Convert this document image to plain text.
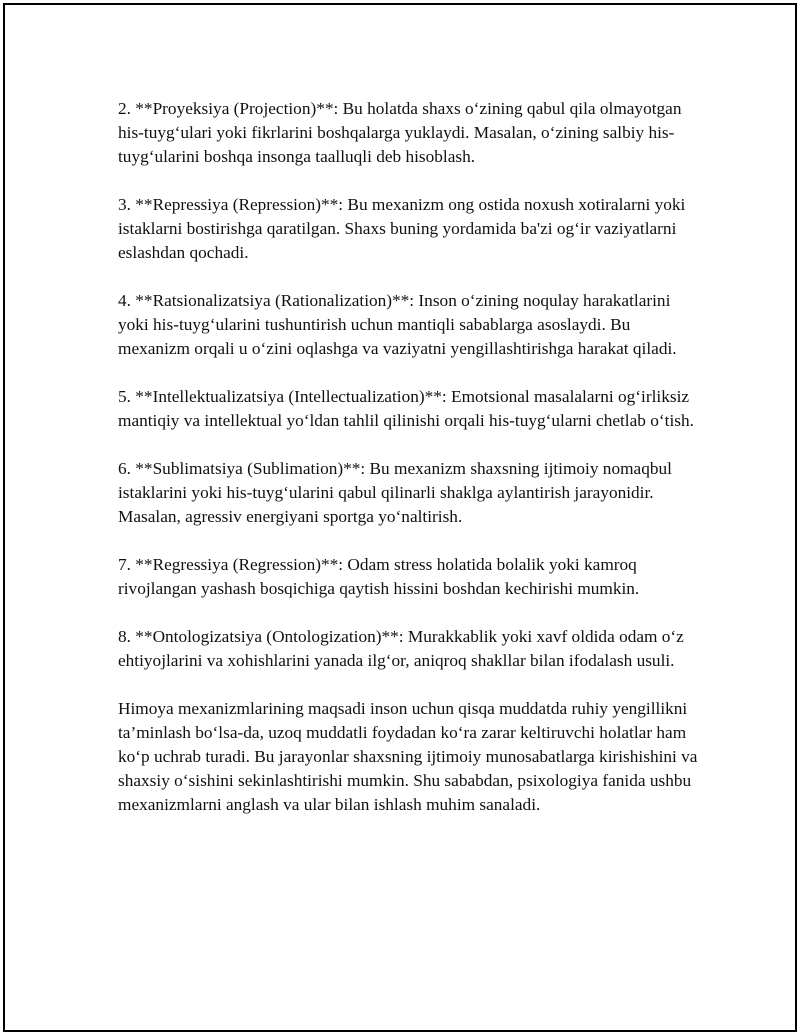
2. **Proyeksiya (Projection)**: Bu holatda shaxs o‘zining qabul qila olmayotgan his-tuyg‘ulari yoki fikrlarini boshqalarga yuklaydi. Masalan, o‘zining salbiy his-tuyg‘ularini boshqa insonga taalluqli deb hisoblash.

3. **Repressiya (Repression)**: Bu mexanizm ong ostida noxush xotiralarni yoki istaklarni bostirishga qaratilgan. Shaxs buning yordamida ba'zi og‘ir vaziyatlarni eslashdan qochadi.

4. **Ratsionalizatsiya (Rationalization)**: Inson o‘zining noqulay harakatlarini yoki his-tuyg‘ularini tushuntirish uchun mantiqli sabablarga asoslaydi. Bu mexanizm orqali u o‘zini oqlashga va vaziyatni yengillashtirishga harakat qiladi.

5. **Intellektualizatsiya (Intellectualization)**: Emotsional masalalarni og‘irliksiz mantiqiy va intellektual yo‘ldan tahlil qilinishi orqali his-tuyg‘ularni chetlab o‘tish.

6. **Sublimatsiya (Sublimation)**: Bu mexanizm shaxsning ijtimoiy nomaqbul istaklarini yoki his-tuyg‘ularini qabul qilinarli shaklga aylantirish jarayonidir. Masalan, agressiv energiyani sportga yo‘naltirish.

7. **Regressiya (Regression)**: Odam stress holatida bolalik yoki kamroq rivojlangan yashash bosqichiga qaytish hissini boshdan kechirishi mumkin.

8. **Ontologizatsiya (Ontologization)**: Murakkablik yoki xavf oldida odam o‘z ehtiyojlarini va xohishlarini yanada ilg‘or, aniqroq shakllar bilan ifodalash usuli.

Himoya mexanizmlarining maqsadi inson uchun qisqa muddatda ruhiy yengillikni ta’minlash bo‘lsa-da, uzoq muddatli foydadan ko‘ra zarar keltiruvchi holatlar ham ko‘p uchrab turadi. Bu jarayonlar shaxsning ijtimoiy munosabatlarga kirishishini va shaxsiy o‘sishini sekinlashtirishi mumkin. Shu sababdan, psixologiya fanida ushbu mexanizmlarni anglash va ular bilan ishlash muhim sanaladi.
